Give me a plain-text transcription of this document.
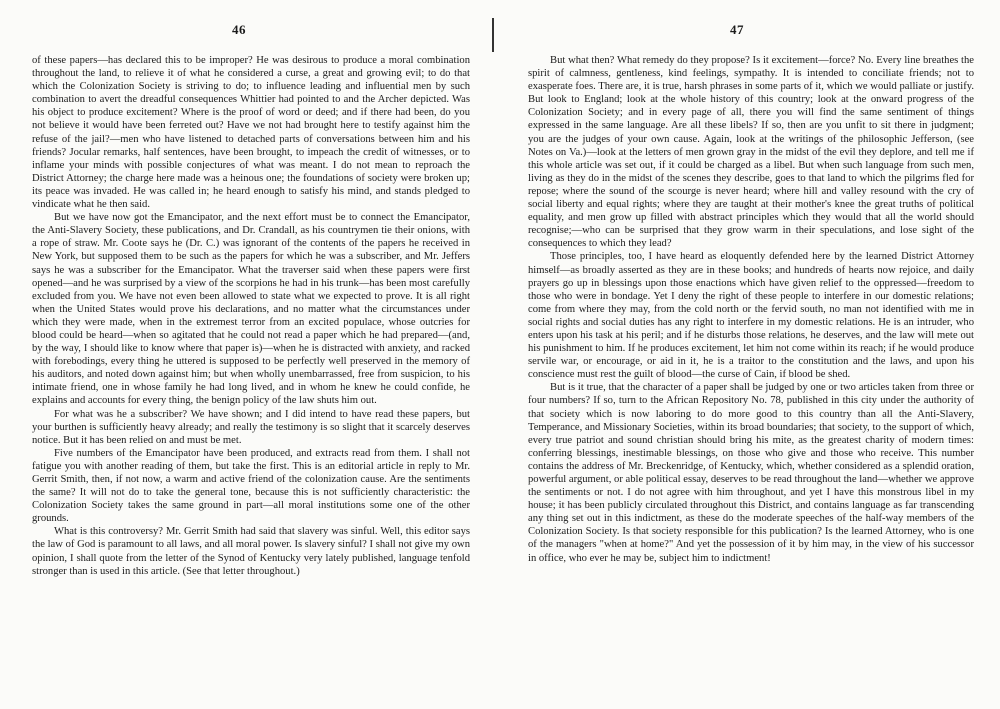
46

of these papers—has declared this to be improper? He was desirous to produce a moral combination throughout the land, to relieve it of what he considered a curse, a great and growing evil; to do that which the Colonization Society is striving to do; to influence leading and influential men by such combination to avert the dreadful consequences Whittier had pointed to and the Archer depicted. Was his object to produce excitement? Where is the proof of word or deed; and if there had been, do you not believe it would have been ferreted out? Have we not had brought here to testify against him the refuse of the jail?—men who have listened to detached parts of conversations between him and his friends? Jocular remarks, half sentences, have been brought, to impeach the credit of witnesses, or to inflame your minds with possible conjectures of what was meant. I do not mean to reproach the District Attorney; the charge here made was a heinous one; the foundations of society were broken up; its peace was invaded. He was called in; he heard enough to satisfy his mind, and stands pledged to vindicate what he then said.

But we have now got the Emancipator, and the next effort must be to connect the Emancipator, the Anti-Slavery Society, these publications, and Dr. Crandall, as his countrymen tie their onions, with a rope of straw. Mr. Coote says he (Dr. C.) was ignorant of the contents of the papers he received in New York, but supposed them to be such as the papers for which he was a subscriber, and Mr. Jeffers says he was a subscriber for the Emancipator. What the traverser said when these papers were first opened—and he was surprised by a view of the scorpions he had in his trunk—has been most carefully excluded from you. We have not even been allowed to state what we expected to prove. It is all right when the United States would prove his declarations, and no matter what the circumstances under which they were made, when in the extremest terror from an excited populace, whose outcries for blood could be heard—when so agitated that he could not read a paper which he had prepared—(and, by the way, I should like to know where that paper is)—when he is distracted with anxiety, and racked with forebodings, every thing he uttered is supposed to be perfectly well preserved in the memory of his auditors, and noted down against him; but when wholly unembarrassed, free from suspicion, to his intimate friend, one in whose family he had long lived, and in whom he knew he could confide, he explains and accounts for every thing, the benign policy of the law shuts him out.

For what was he a subscriber? We have shown; and I did intend to have read these papers, but your burthen is sufficiently heavy already; and really the testimony is so slight that it scarcely deserves notice. But it has been relied on and must be met.

Five numbers of the Emancipator have been produced, and extracts read from them. I shall not fatigue you with another reading of them, but take the first. This is an editorial article in reply to Mr. Gerrit Smith, then, if not now, a warm and active friend of the colonization cause. Are the sentiments the same? It will not do to take the general tone, because this is not sufficiently characteristic: the Colonization Society takes the same ground in part—all moral institutions some one of the other grounds.

What is this controversy? Mr. Gerrit Smith had said that slavery was sinful. Well, this editor says the law of God is paramount to all laws, and all moral power. Is slavery sinful? I shall not give my own opinion, I shall quote from the letter of the Synod of Kentucky very lately published, language tenfold stronger than is used in this article. (See that letter throughout.)

47

But what then? What remedy do they propose? Is it excitement—force? No. Every line breathes the spirit of calmness, gentleness, kind feelings, sympathy. It is intended to conciliate friends; not to exasperate foes. There are, it is true, harsh phrases in some parts of it, which we would palliate or justify. But look to England; look at the whole history of this country; look at the onward progress of the Colonization Society; and in every page of all, there you will find the same sentiment of things expressed in the same language. Are all these libels? If so, then are you unfit to sit there in judgment; you are the judges of your own cause. Again, look at the writings of the philosophic Jefferson, (see Notes on Va.)—look at the letters of men grown gray in the midst of the evil they deplore, and tell me if this whole article was set out, if it could be charged as a libel. But when such language from such men, living as they do in the midst of the scenes they describe, goes to that land to which the pilgrims fled for repose; where the sound of the scourge is never heard; where hill and valley resound with the cry of social liberty and equal rights; where they are taught at their mother's knee the great truths of political equality, and men grow up filled with abstract principles which they would that all the world should recognise;—who can be surprised that they grow warm in their speculations, and lose sight of the consequences to which they lead?

Those principles, too, I have heard as eloquently defended here by the learned District Attorney himself—as broadly asserted as they are in these books; and hundreds of hearts now rejoice, and daily prayers go up in blessings upon those enactions which have given relief to the oppressed—freedom to those who were in bondage. Yet I deny the right of these people to interfere in our domestic relations; come from where they may, from the cold north or the fervid south, no man not identified with me in social rights and social duties has any right to interfere in my domestic relations. He is an intruder, who enters upon his task at his peril; and if he disturbs those relations, he deserves, and the law will mete out his punishment to him. If he produces excitement, let him not come within its reach; if he would produce servile war, or encourage, or aid in it, he is a traitor to the constitution and the laws, and upon his conscience must rest the guilt of blood—the curse of Cain, if blood be shed.

But is it true, that the character of a paper shall be judged by one or two articles taken from three or four numbers? If so, turn to the African Repository No. 78, published in this city under the authority of that society which is now laboring to do more good to this country than all the Anti-Slavery, Temperance, and Missionary Societies, within its broad boundaries; that society, to the support of which, every true patriot and sound christian should bring his mite, as the greatest charity of modern times: conferring blessings, inestimable blessings, on those who give and those who receive. This number contains the address of Mr. Breckenridge, of Kentucky, which, whether considered as a splendid oration, powerful argument, or able political essay, deserves to be read throughout the land—whether we approve the sentiments or not. I do not agree with him throughout, and yet I have this monstrous libel in my house; it has been publicly circulated throughout this District, and contains language as far transcending any thing set out in this indictment, as these do the moderate speeches of the half-way members of the Colonization Society. Is that society responsible for this publication? Is the learned Attorney, who is one of the managers "when at home?" And yet the possession of it by him may, in the view of his successor in office, who ever he may be, subject him to indictment!
